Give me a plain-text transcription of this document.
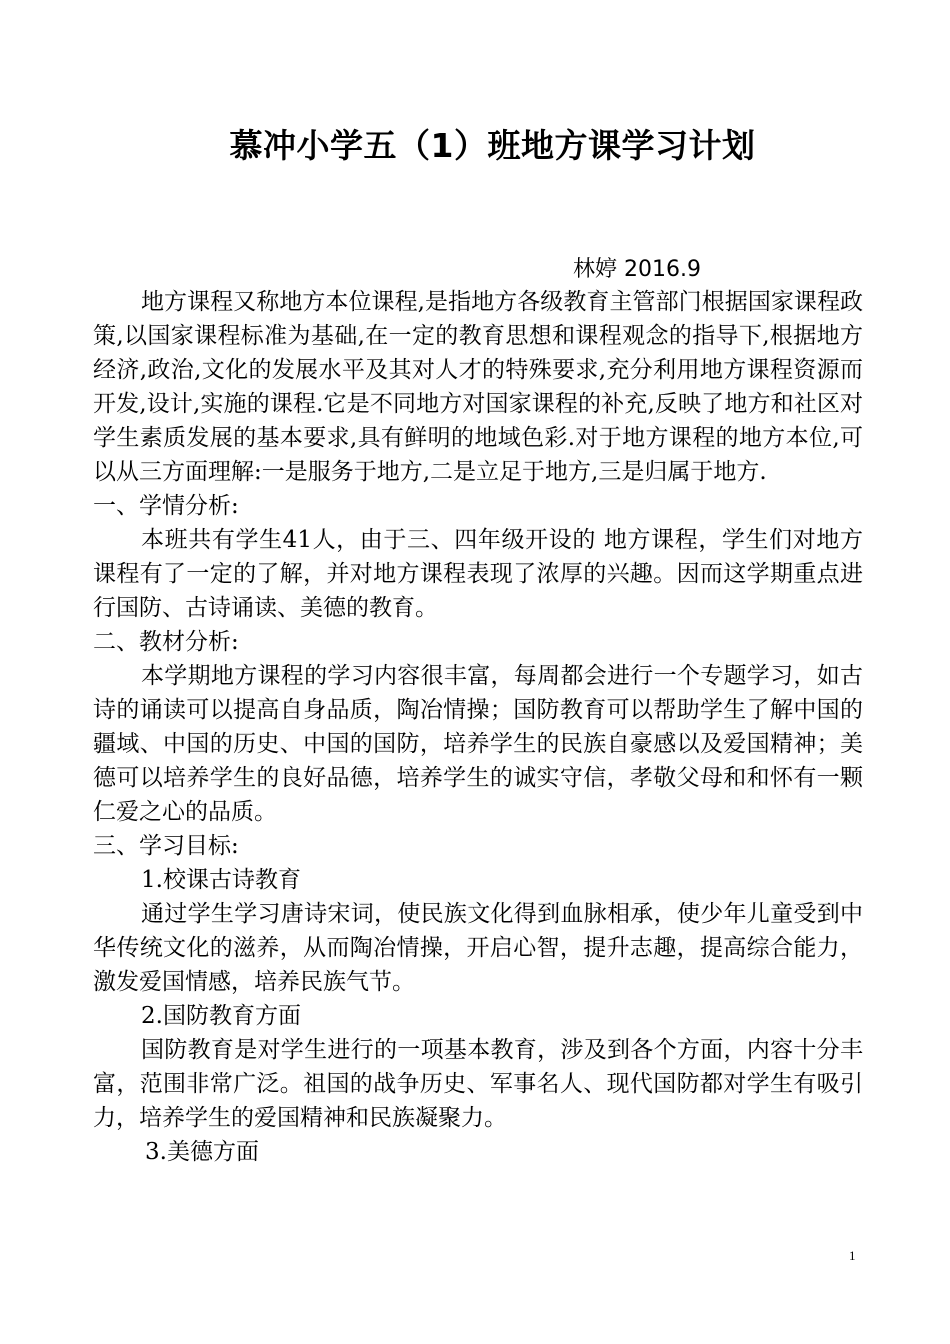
慕冲小学五（1）班地方课学习计划
林婷 2016.9

地方课程又称地方本位课程,是指地方各级教育主管部门根据国家课程政策,以国家课程标准为基础,在一定的教育思想和课程观念的指导下,根据地方经济,政治,文化的发展水平及其对人才的特殊要求,充分利用地方课程资源而开发,设计,实施的课程.它是不同地方对国家课程的补充,反映了地方和社区对学生素质发展的基本要求,具有鲜明的地域色彩.对于地方课程的地方本位,可以从三方面理解:一是服务于地方,二是立足于地方,三是归属于地方.

一、学情分析:

本班共有学生41人，由于三、四年级开设的 地方课程，学生们对地方课程有了一定的了解，并对地方课程表现了浓厚的兴趣。因而这学期重点进行国防、古诗诵读、美德的教育。

二、教材分析:

本学期地方课程的学习内容很丰富，每周都会进行一个专题学习，如古诗的诵读可以提高自身品质，陶冶情操；国防教育可以帮助学生了解中国的疆域、中国的历史、中国的国防，培养学生的民族自豪感以及爱国精神；美德可以培养学生的良好品德，培养学生的诚实守信，孝敬父母和和怀有一颗仁爱之心的品质。

三、学习目标:

1.校课古诗教育

通过学生学习唐诗宋词，使民族文化得到血脉相承，使少年儿童受到中华传统文化的滋养，从而陶冶情操，开启心智，提升志趣，提高综合能力，激发爱国情感，培养民族气节。

2.国防教育方面

国防教育是对学生进行的一项基本教育，涉及到各个方面，内容十分丰富，范围非常广泛。祖国的战争历史、军事名人、现代国防都对学生有吸引力，培养学生的爱国精神和民族凝聚力。

3.美德方面

1
